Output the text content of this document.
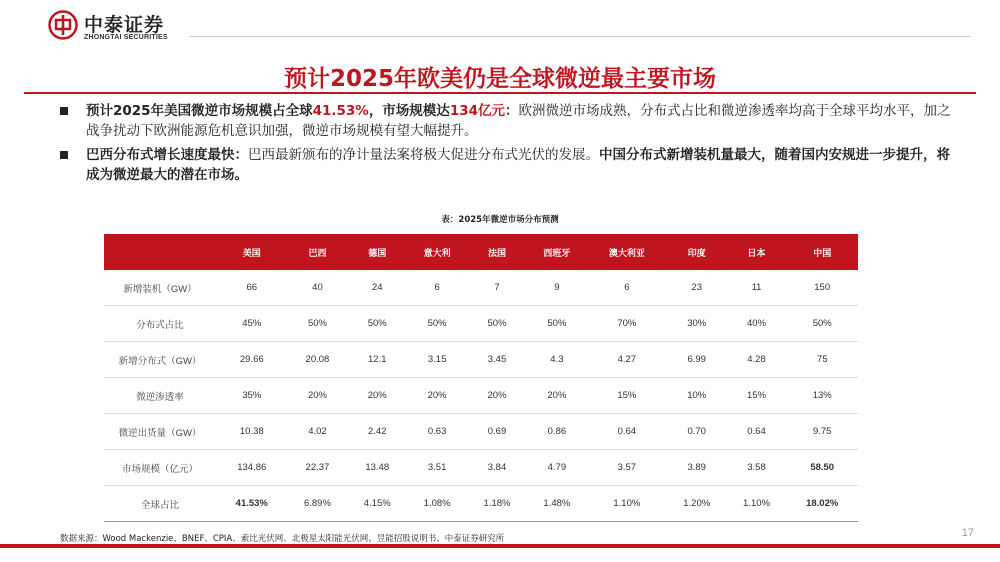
中泰证券
ZHONGTAI SECURITIES
预计2025年欧美仍是全球微逆最主要市场
预计2025年美国微逆市场规模占全球41.53%，市场规模达134亿元：欧洲微逆市场成熟，分布式占比和微逆渗透率均高于全球平均水平，加之战争扰动下欧洲能源危机意识加强，微逆市场规模有望大幅提升。
巴西分布式增长速度最快：巴西最新颁布的净计量法案将极大促进分布式光伏的发展。中国分布式新增装机量最大，随着国内安规进一步提升，将成为微逆最大的潜在市场。
表：2025年微逆市场分布预测
	美国	巴西	德国	意大利	法国	西班牙	澳大利亚	印度	日本	中国
新增装机（GW）	66	40	24	6	7	9	6	23	11	150
分布式占比	45%	50%	50%	50%	50%	50%	70%	30%	40%	50%
新增分布式（GW）	29.66	20.08	12.1	3.15	3.45	4.3	4.27	6.99	4.28	75
微逆渗透率	35%	20%	20%	20%	20%	20%	15%	10%	15%	13%
微逆出货量（GW）	10.38	4.02	2.42	0.63	0.69	0.86	0.64	0.70	0.64	9.75
市场规模（亿元）	134.86	22.37	13.48	3.51	3.84	4.79	3.57	3.89	3.58	58.50
全球占比	41.53%	6.89%	4.15%	1.08%	1.18%	1.48%	1.10%	1.20%	1.10%	18.02%
数据来源：Wood Mackenzie、BNEF、CPIA、索比光伏网、北极星太阳能光伏网、昱能招股说明书、中泰证券研究所	17
